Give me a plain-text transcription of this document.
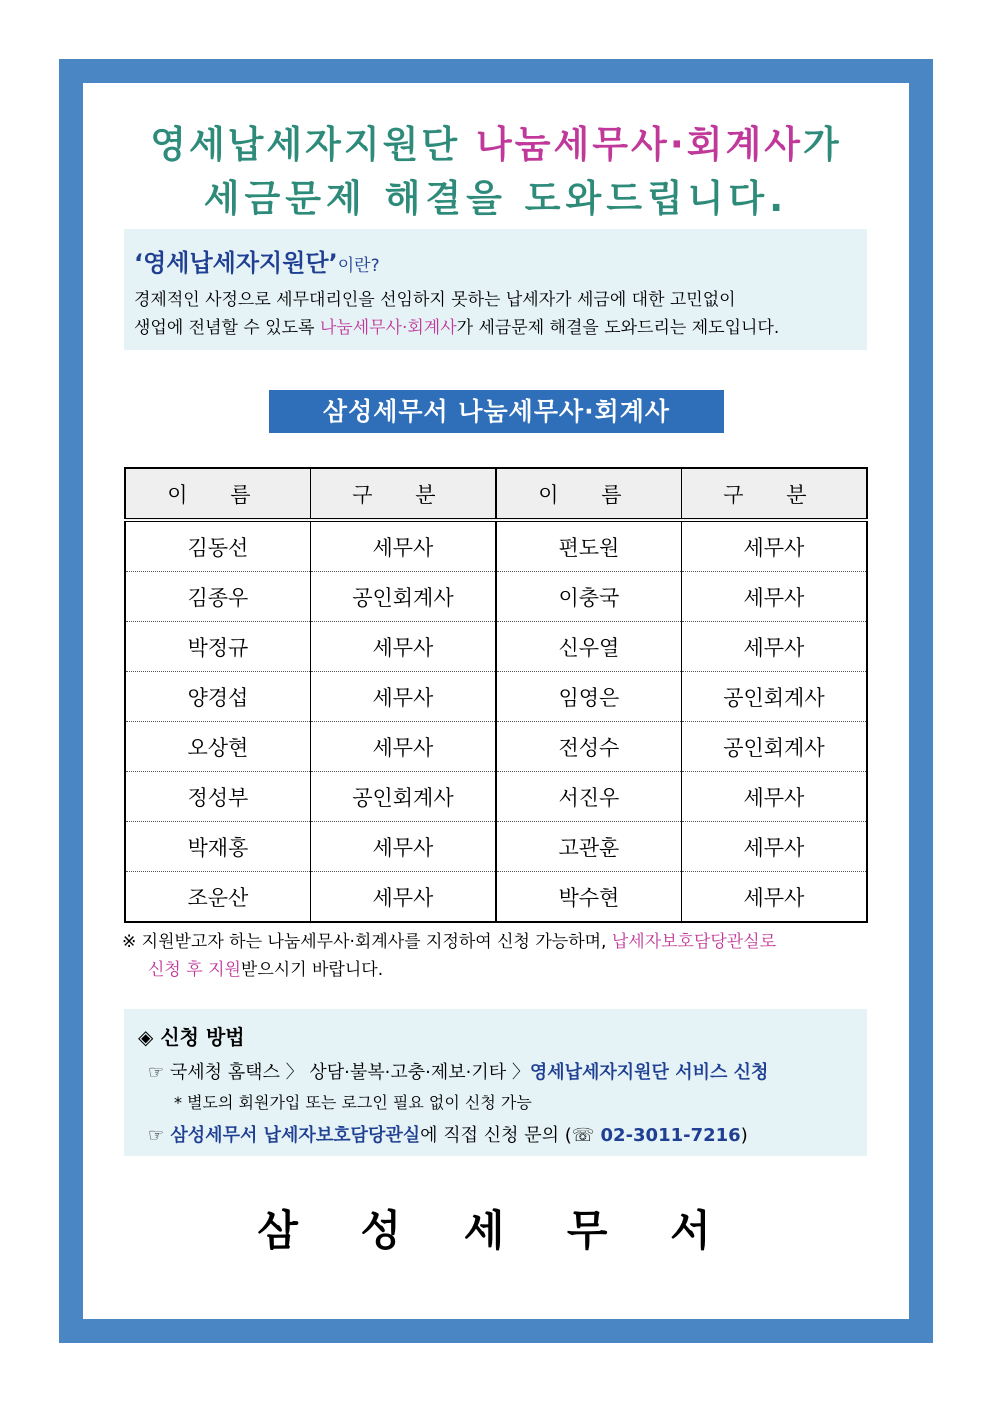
영세납세자지원단 나눔세무사·회계사가
세금문제 해결을 도와드립니다.
‘영세납세자지원단’이란?
경제적인 사정으로 세무대리인을 선임하지 못하는 납세자가 세금에 대한 고민없이
생업에 전념할 수 있도록 나눔세무사·회계사가 세금문제 해결을 도와드리는 제도입니다.
삼성세무서 나눔세무사·회계사
이 름	구 분	이 름	구 분
김동선	세무사	편도원	세무사
김종우	공인회계사	이충국	세무사
박정규	세무사	신우열	세무사
양경섭	세무사	임영은	공인회계사
오상현	세무사	전성수	공인회계사
정성부	공인회계사	서진우	세무사
박재홍	세무사	고관훈	세무사
조운산	세무사	박수현	세무사
※ 지원받고자 하는 나눔세무사·회계사를 지정하여 신청 가능하며, 납세자보호담당관실로
신청 후 지원받으시기 바랍니다.
◈ 신청 방법
☞ 국세청 홈택스 〉 상담·불복·고충·제보·기타 〉영세납세자지원단 서비스 신청
* 별도의 회원가입 또는 로그인 필요 없이 신청 가능
☞ 삼성세무서 납세자보호담당관실에 직접 신청 문의 (☏ 02-3011-7216)
삼 성 세 무 서
